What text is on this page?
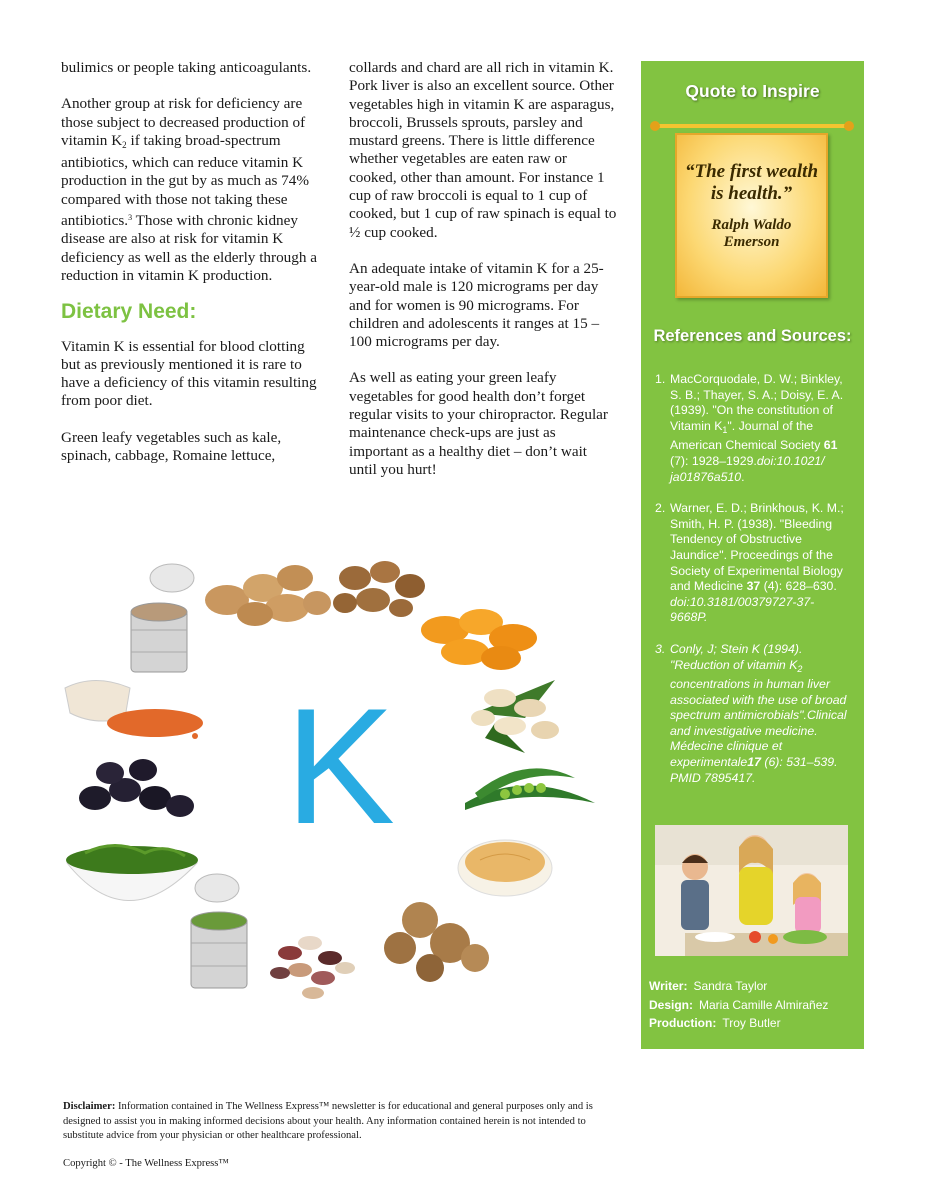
bulimics or people taking anticoagulants.

Another group at risk for deficiency are those subject to decreased production of vitamin $K_2$ if taking broad-spectrum antibiotics, which can reduce vitamin K production in the gut by as much as 74% compared with those not taking these antibiotics.$^3$ Those with chronic kidney disease are also at risk for vitamin K deficiency as well as the elderly through a reduction in vitamin K production.

Dietary Need:

Vitamin K is essential for blood clotting but as previously mentioned it is rare to have a deficiency of this vitamin resulting from poor diet.

Green leafy vegetables such as kale, spinach, cabbage, Romaine lettuce,

collards and chard are all rich in vitamin K. Pork liver is also an excellent source. Other vegetables high in vitamin K are asparagus, broccoli, Brussels sprouts, parsley and mustard greens. There is little difference whether vegetables are eaten raw or cooked, other than amount. For instance 1 cup of raw broccoli is equal to 1 cup of cooked, but 1 cup of raw spinach is equal to ½ cup cooked.

An adequate intake of vitamin K for a 25-year-old male is 120 micrograms per day and for women is 90 micrograms. For children and adolescents it ranges at 15 – 100 micrograms per day.

As well as eating your green leafy vegetables for good health don’t forget regular visits to your chiropractor. Regular maintenance check-ups are just as important as a healthy diet – don’t wait until you hurt!

K
Quote to Inspire
“The first wealth is health.”
Ralph Waldo Emerson
References and Sources:
1. MacCorquodale, D. W.; Binkley, S. B.; Thayer, S. A.; Doisy, E. A. (1939). "On the constitution of Vitamin $K_1$". Journal of the American Chemical Society 61 (7): 1928–1929.doi:10.1021/ ja01876a510.
2. Warner, E. D.; Brinkhous, K. M.; Smith, H. P. (1938). "Bleeding Tendency of Obstructive Jaundice". Proceedings of the Society of Experimental Biology and Medicine 37 (4): 628–630. doi:10.3181/00379727-37-9668P.
3. Conly, J; Stein K (1994). "Reduction of vitamin $K_2$ concentrations in human liver associated with the use of broad spectrum antimicrobials".Clinical and investigative medicine. Médecine clinique et experimentale17 (6): 531–539. PMID 7895417.
Writer: Sandra Taylor
Design: Maria Camille Almirañez
Production: Troy Butler
Disclaimer: Information contained in The Wellness Express™ newsletter is for educational and general purposes only and is designed to assist you in making informed decisions about your health. Any information contained herein is not intended to substitute advice from your physician or other healthcare professional.
Copyright © - The Wellness Express™
